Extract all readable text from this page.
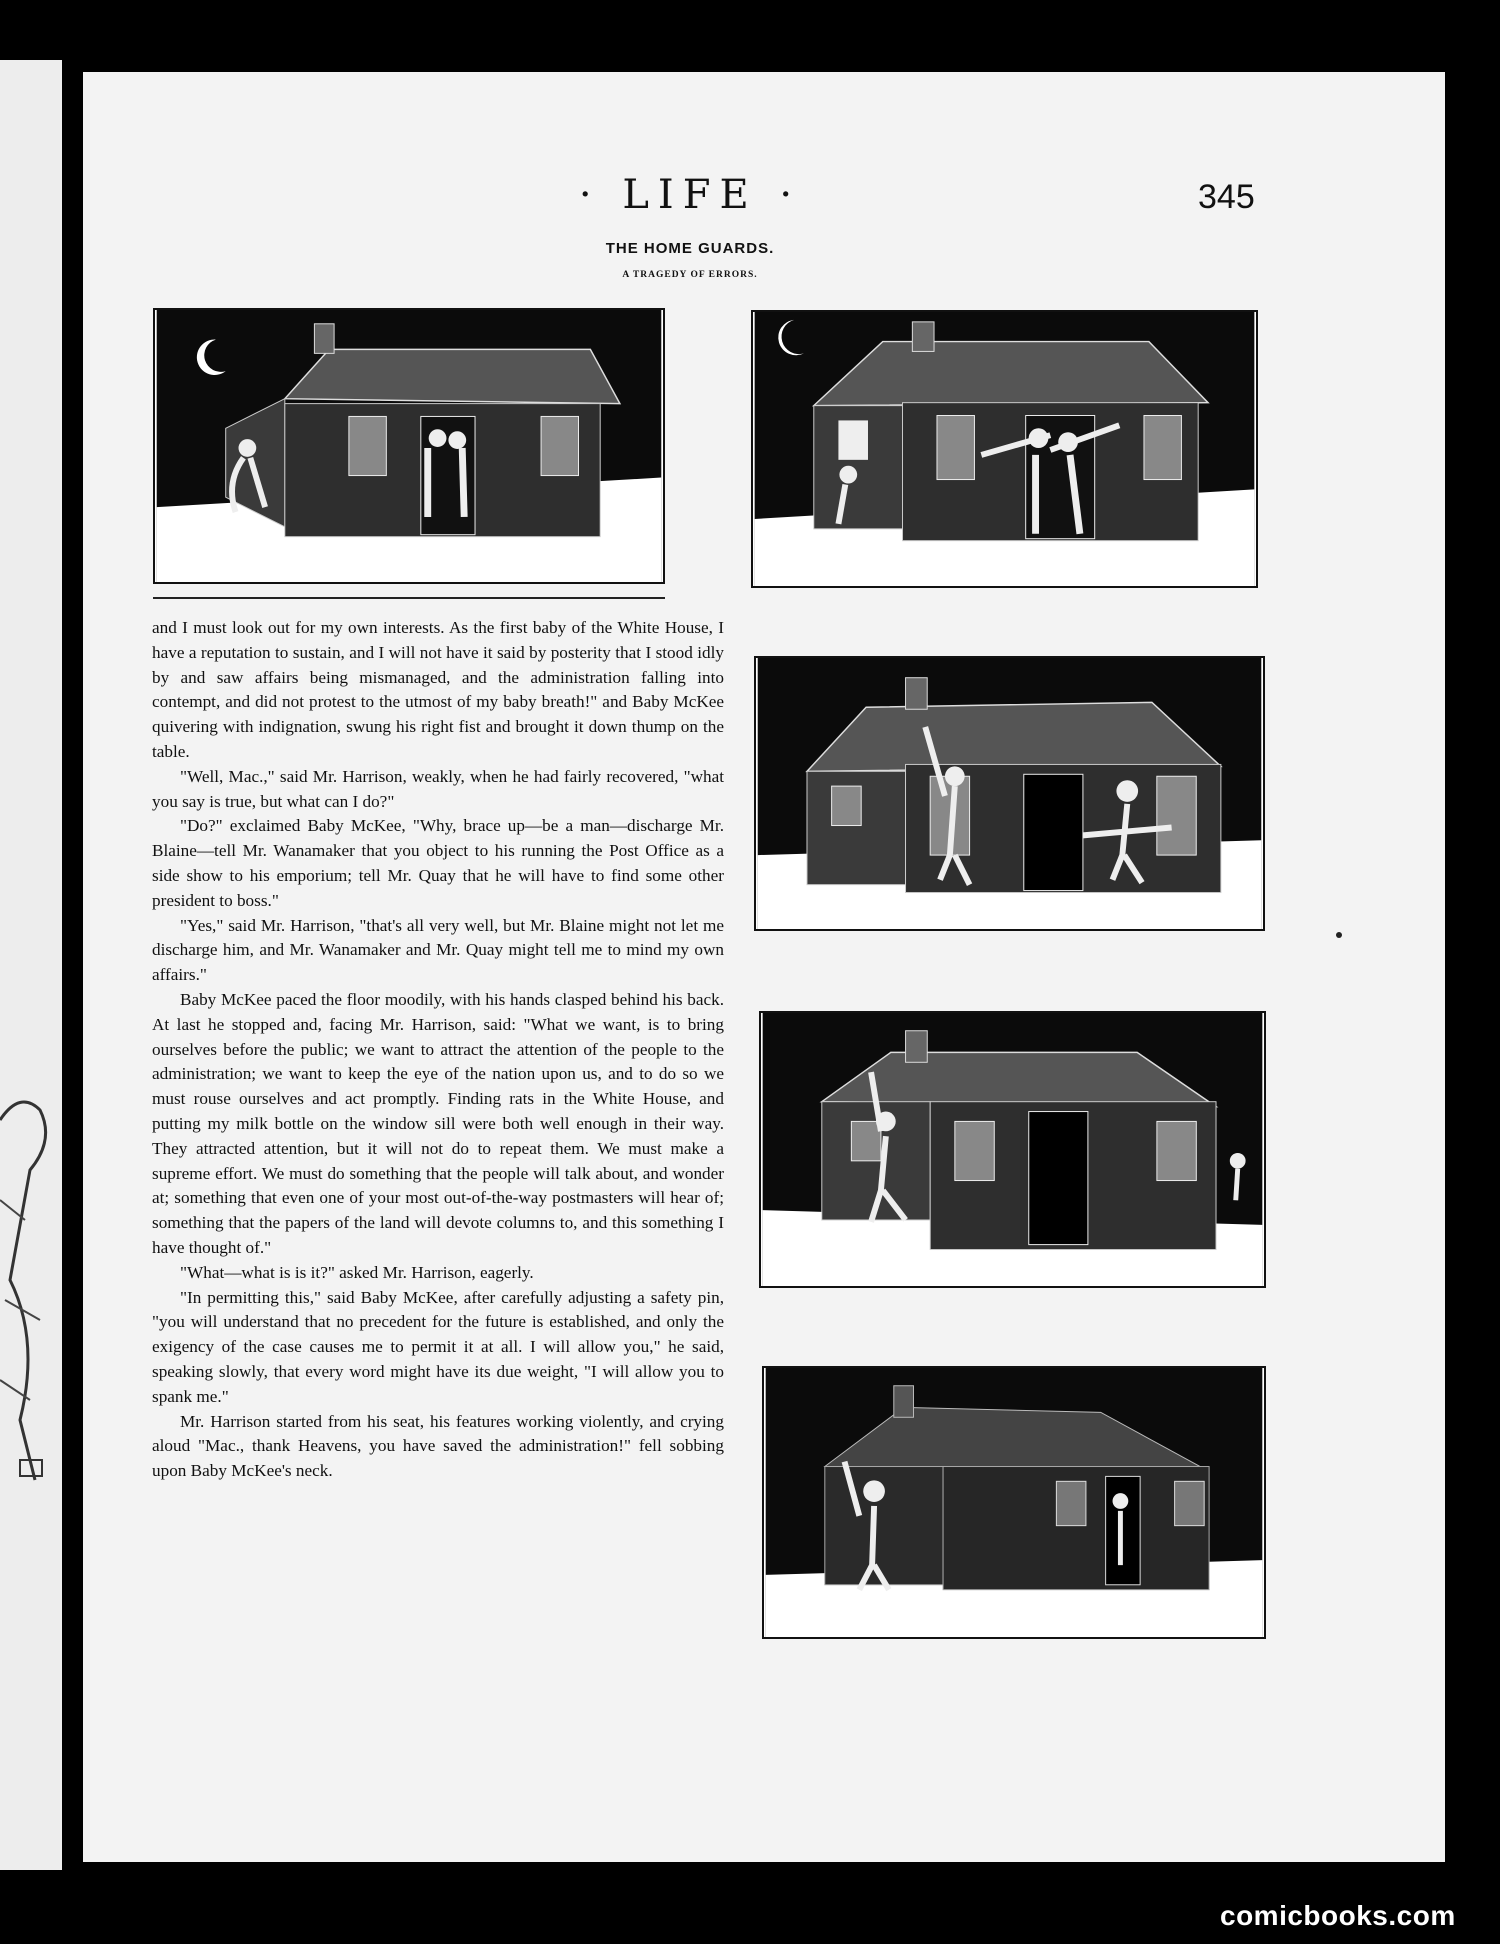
· LIFE ·	345
THE HOME GUARDS.
A TRAGEDY OF ERRORS.

and I must look out for my own interests. As the first baby of the White House, I have a reputation to sustain, and I will not have it said by posterity that I stood idly by and saw affairs being mismanaged, and the administration falling into contempt, and did not protest to the utmost of my baby breath!" and Baby McKee quivering with indignation, swung his right fist and brought it down thump on the table.

"Well, Mac.," said Mr. Harrison, weakly, when he had fairly recovered, "what you say is true, but what can I do?"

"Do?" exclaimed Baby McKee, "Why, brace up—be a man—discharge Mr. Blaine—tell Mr. Wanamaker that you object to his running the Post Office as a side show to his emporium; tell Mr. Quay that he will have to find some other president to boss."

"Yes," said Mr. Harrison, "that's all very well, but Mr. Blaine might not let me discharge him, and Mr. Wanamaker and Mr. Quay might tell me to mind my own affairs."

Baby McKee paced the floor moodily, with his hands clasped behind his back. At last he stopped and, facing Mr. Harrison, said: "What we want, is to bring ourselves before the public; we want to attract the attention of the people to the administration; we want to keep the eye of the nation upon us, and to do so we must rouse ourselves and act promptly. Finding rats in the White House, and putting my milk bottle on the window sill were both well enough in their way. They attracted attention, but it will not do to repeat them. We must make a supreme effort. We must do something that the people will talk about, and wonder at; something that even one of your most out-of-the-way postmasters will hear of; something that the papers of the land will devote columns to, and this something I have thought of."

"What—what is is it?" asked Mr. Harrison, eagerly.

"In permitting this," said Baby McKee, after carefully adjusting a safety pin, "you will understand that no precedent for the future is established, and only the exigency of the case causes me to permit it at all. I will allow you," he said, speaking slowly, that every word might have its due weight, "I will allow you to spank me."

Mr. Harrison started from his seat, his features working violently, and crying aloud "Mac., thank Heavens, you have saved the administration!" fell sobbing upon Baby McKee's neck.

comicbooks.com
